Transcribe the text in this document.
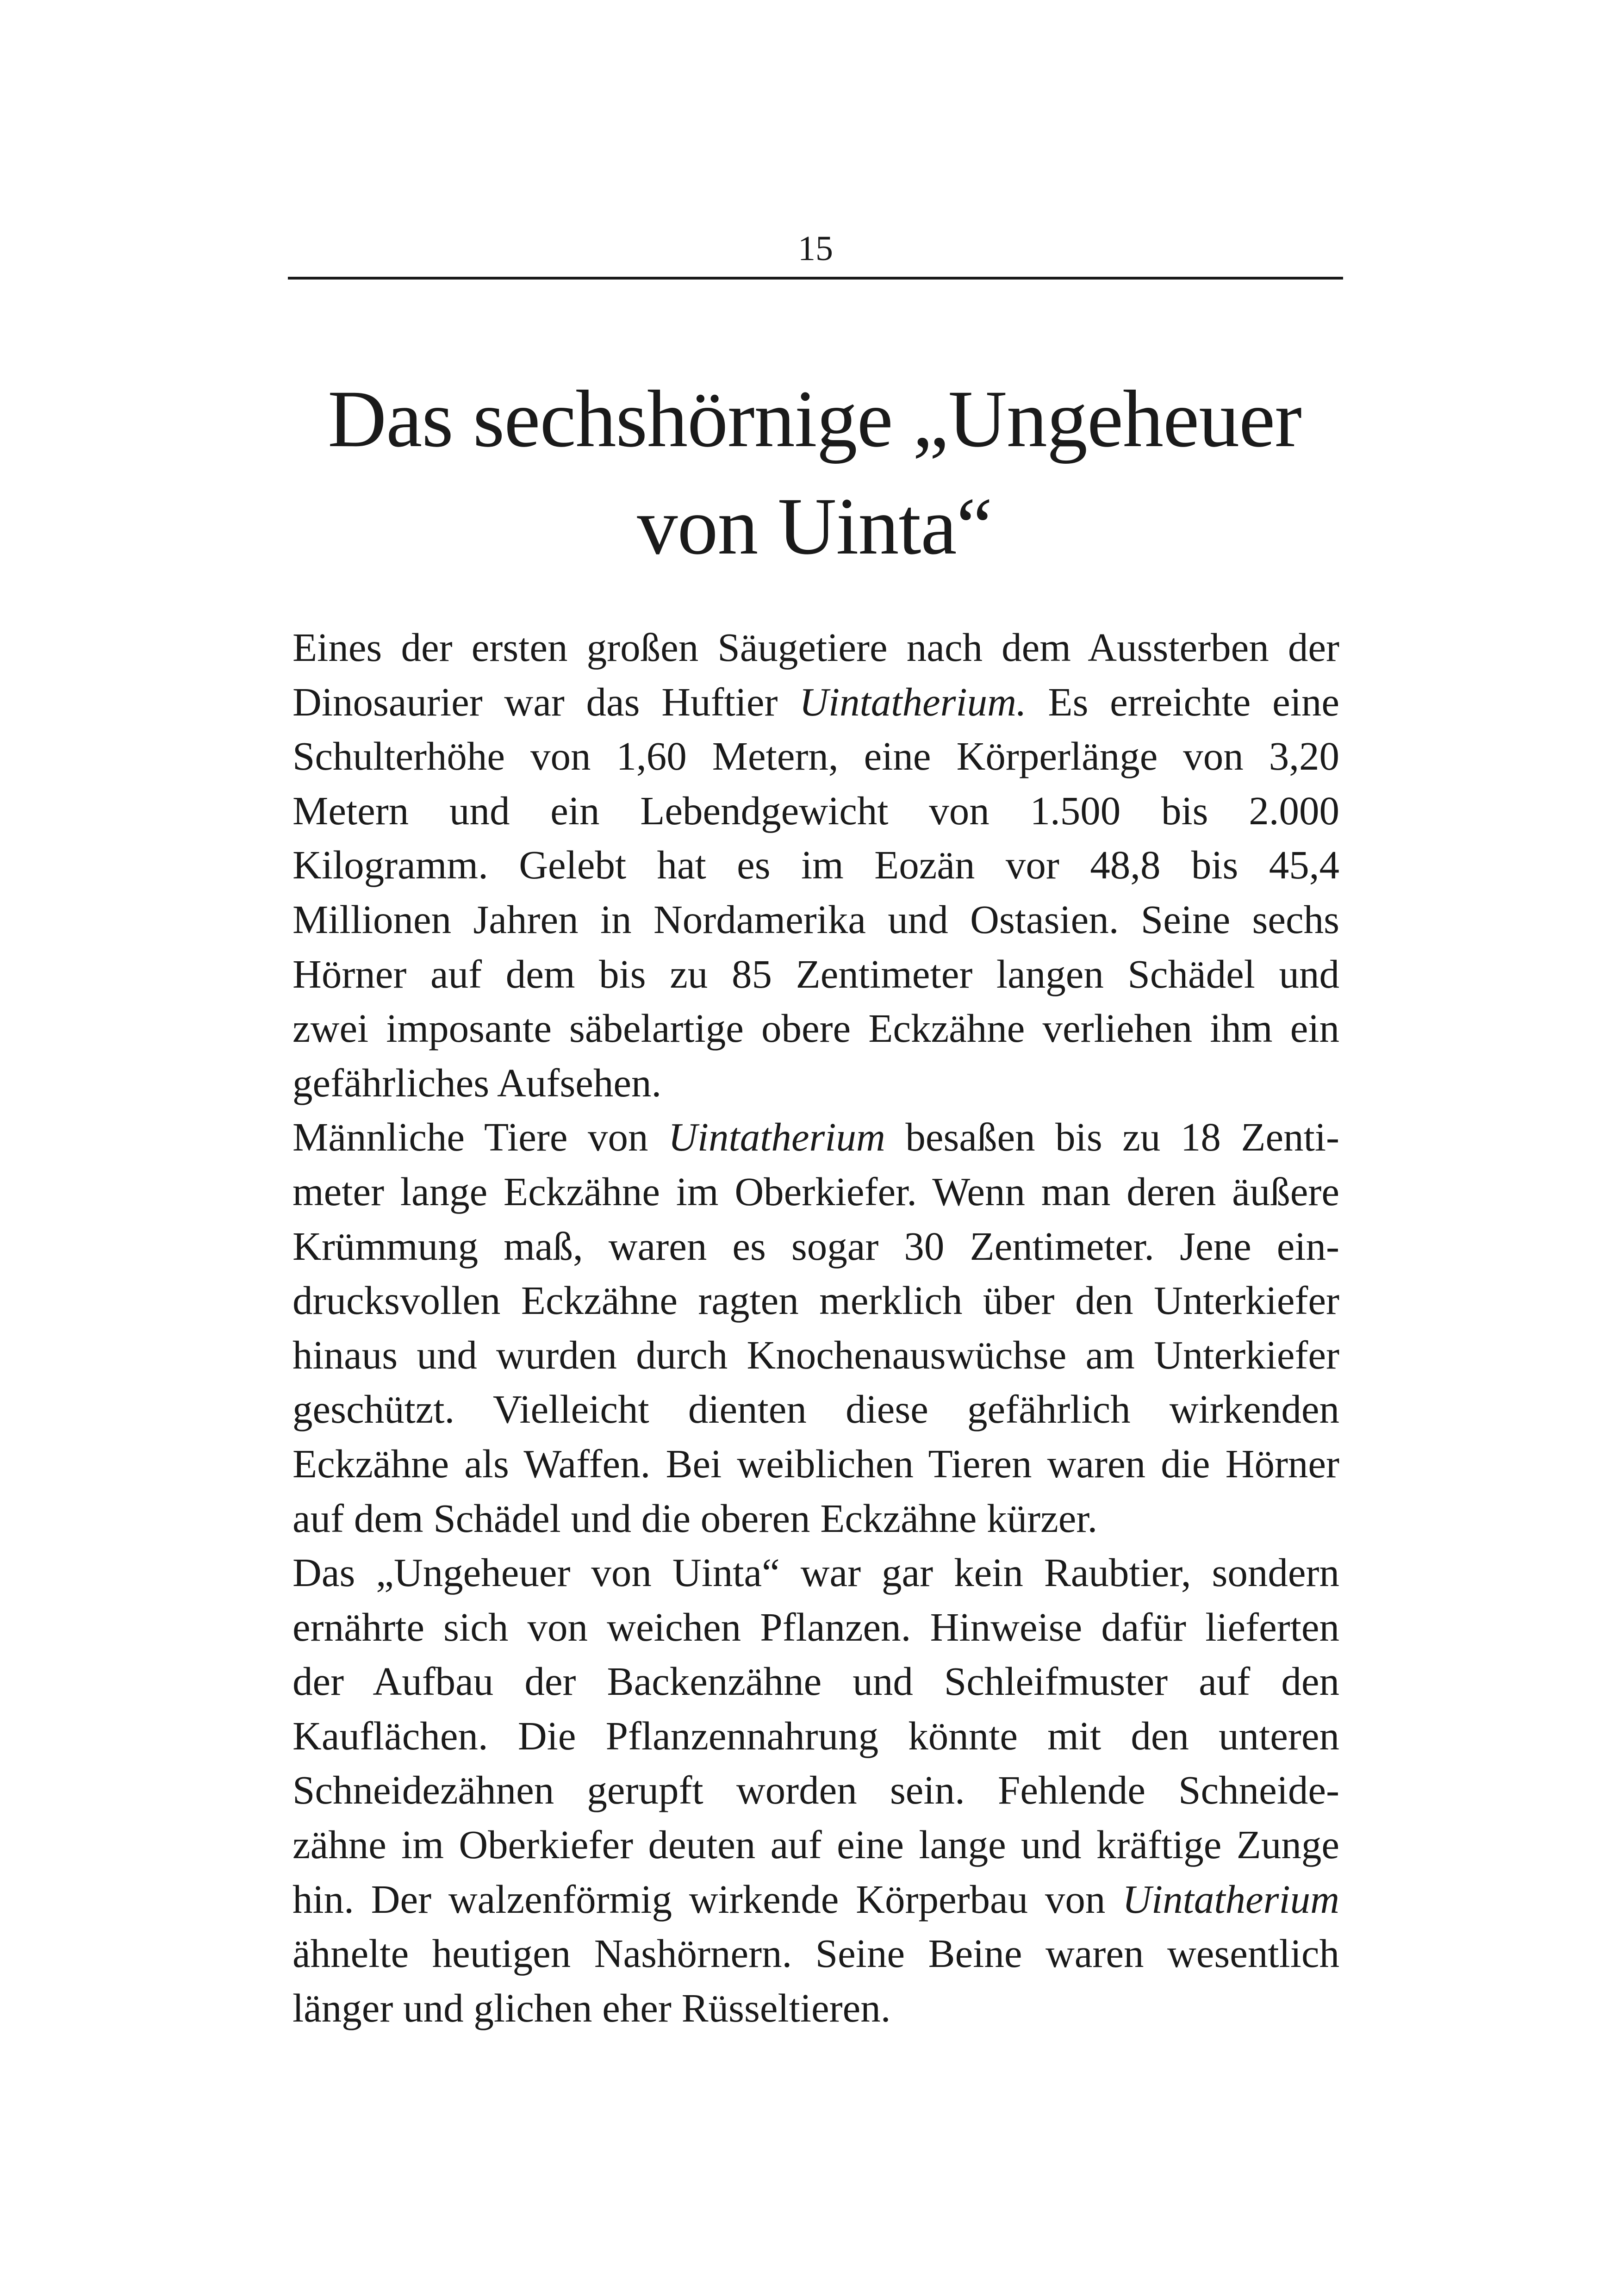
15
Das sechshörnige „Ungeheuer
von Uinta“
Eines der ersten großen Säugetiere nach dem Aussterben der
Dinosaurier war das Huftier Uintatherium. Es erreichte eine
Schulterhöhe von 1,60 Metern, eine Körperlänge von 3,20
Metern und ein Lebendgewicht von 1.500 bis 2.000
Kilogramm. Gelebt hat es im Eozän vor 48,8 bis 45,4
Millionen Jahren in Nordamerika und Ostasien. Seine sechs
Hörner auf dem bis zu 85 Zentimeter langen Schädel und
zwei imposante säbelartige obere Eckzähne verliehen ihm ein
gefährliches Aufsehen.
Männliche Tiere von Uintatherium besaßen bis zu 18 Zenti-
meter lange Eckzähne im Oberkiefer. Wenn man deren äußere
Krümmung maß, waren es sogar 30 Zentimeter. Jene ein-
drucksvollen Eckzähne ragten merklich über den Unterkiefer
hinaus und wurden durch Knochenauswüchse am Unterkiefer
geschützt. Vielleicht dienten diese gefährlich wirkenden
Eckzähne als Waffen. Bei weiblichen Tieren waren die Hörner
auf dem Schädel und die oberen Eckzähne kürzer.
Das „Ungeheuer von Uinta“ war gar kein Raubtier, sondern
ernährte sich von weichen Pflanzen. Hinweise dafür lieferten
der Aufbau der Backenzähne und Schleifmuster auf den
Kauflächen. Die Pflanzennahrung könnte mit den unteren
Schneidezähnen gerupft worden sein. Fehlende Schneide-
zähne im Oberkiefer deuten auf eine lange und kräftige Zunge
hin. Der walzenförmig wirkende Körperbau von Uintatherium
ähnelte heutigen Nashörnern. Seine Beine waren wesentlich
länger und glichen eher Rüsseltieren.
